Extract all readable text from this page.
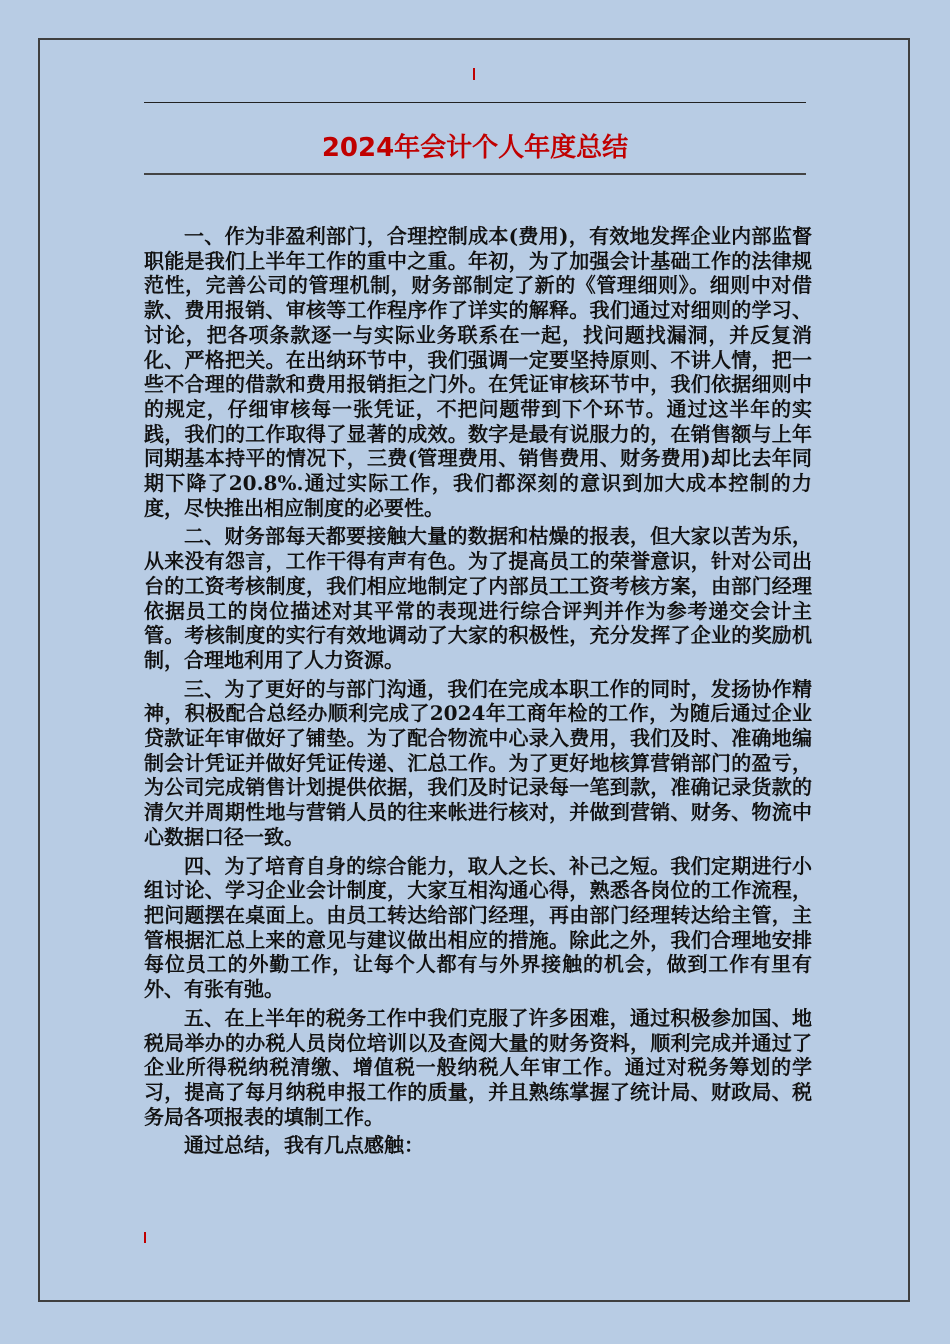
2024年会计个人年度总结

一、作为非盈利部门，合理控制成本(费用)，有效地发挥企业内部监督职能是我们上半年工作的重中之重。年初，为了加强会计基础工作的法律规范性，完善公司的管理机制，财务部制定了新的《管理细则》。细则中对借款、费用报销、审核等工作程序作了详实的解释。我们通过对细则的学习、讨论，把各项条款逐一与实际业务联系在一起，找问题找漏洞，并反复消化、严格把关。在出纳环节中，我们强调一定要坚持原则、不讲人情，把一些不合理的借款和费用报销拒之门外。在凭证审核环节中，我们依据细则中的规定，仔细审核每一张凭证，不把问题带到下个环节。通过这半年的实践，我们的工作取得了显著的成效。数字是最有说服力的，在销售额与上年同期基本持平的情况下，三费(管理费用、销售费用、财务费用)却比去年同期下降了20.8%.通过实际工作，我们都深刻的意识到加大成本控制的力度，尽快推出相应制度的必要性。

二、财务部每天都要接触大量的数据和枯燥的报表，但大家以苦为乐，从来没有怨言，工作干得有声有色。为了提高员工的荣誉意识，针对公司出台的工资考核制度，我们相应地制定了内部员工工资考核方案，由部门经理依据员工的岗位描述对其平常的表现进行综合评判并作为参考递交会计主管。考核制度的实行有效地调动了大家的积极性，充分发挥了企业的奖励机制，合理地利用了人力资源。

三、为了更好的与部门沟通，我们在完成本职工作的同时，发扬协作精神，积极配合总经办顺利完成了2024年工商年检的工作，为随后通过企业贷款证年审做好了铺垫。为了配合物流中心录入费用，我们及时、准确地编制会计凭证并做好凭证传递、汇总工作。为了更好地核算营销部门的盈亏，为公司完成销售计划提供依据，我们及时记录每一笔到款，准确记录货款的清欠并周期性地与营销人员的往来帐进行核对，并做到营销、财务、物流中心数据口径一致。

四、为了培育自身的综合能力，取人之长、补己之短。我们定期进行小组讨论、学习企业会计制度，大家互相沟通心得，熟悉各岗位的工作流程，把问题摆在桌面上。由员工转达给部门经理，再由部门经理转达给主管，主管根据汇总上来的意见与建议做出相应的措施。除此之外，我们合理地安排每位员工的外勤工作，让每个人都有与外界接触的机会，做到工作有里有外、有张有弛。

五、在上半年的税务工作中我们克服了许多困难，通过积极参加国、地税局举办的办税人员岗位培训以及查阅大量的财务资料，顺利完成并通过了企业所得税纳税清缴、增值税一般纳税人年审工作。通过对税务筹划的学习，提高了每月纳税申报工作的质量，并且熟练掌握了统计局、财政局、税务局各项报表的填制工作。

通过总结，我有几点感触：
